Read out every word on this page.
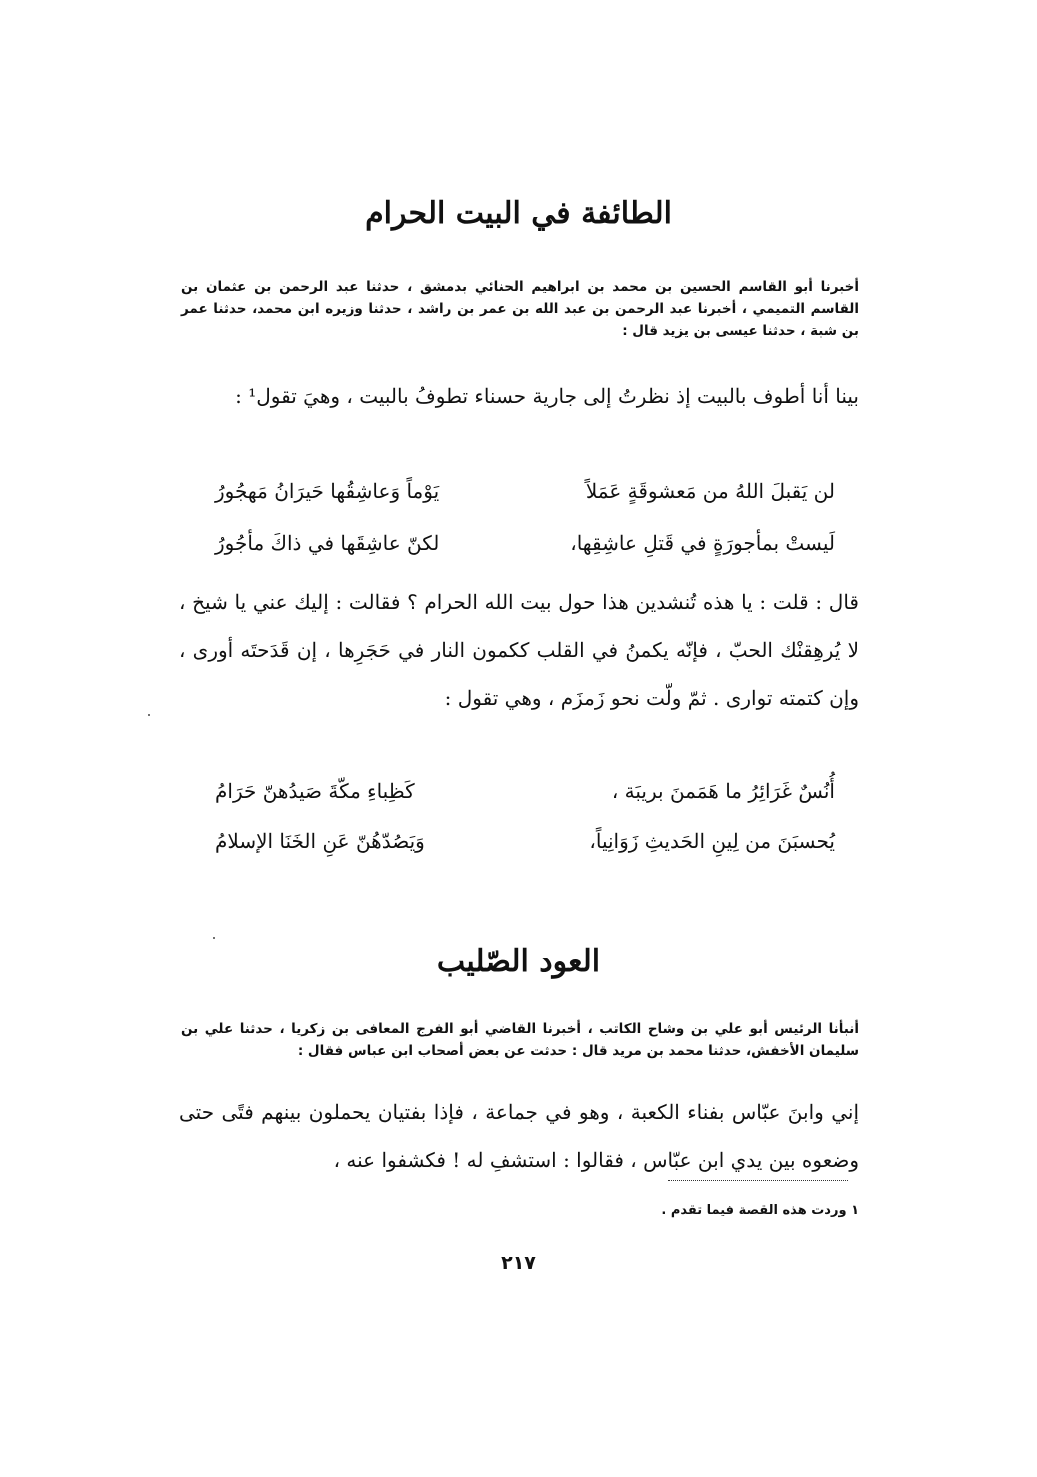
الطائفة في البيت الحرام
أخبرنا أبو القاسم الحسين بن محمد بن ابراهيم الحنائي بدمشق ، حدثنا عبد الرحمن بن عثمان بن القاسم التميمي ، أخبرنا عبد الرحمن بن عبد الله بن عمر بن راشد ، حدثنا وزيره ابن محمد، حدثنا عمر بن شبة ، حدثنا عيسى بن يزيد قال :
بينا أنا أطوف بالبيت إذ نظرتُ إلى جارية حسناء تطوفُ بالبيت ، وهيَ تقول¹ :
لن يَقبلَ اللهُ من مَعشوقَةٍ عَمَلاً
يَوْماً وَعاشِقُها حَيرَانُ مَهجُورُ
لَيستْ بمأجورَةٍ في قَتلِ عاشِقِها،
لكنّ عاشِقَها في ذاكَ مأجُورُ
قال : قلت : يا هذه تُنشدين هذا حول بيت الله الحرام ؟ فقالت : إليك عني يا شيخ ، لا يُرهِقنْك الحبّ ، فإنّه يكمنُ في القلب ككمون النار في حَجَرِها ، إن قَدَحتَه أورى ، وإن كتمته توارى . ثمّ ولّت نحو زَمزَم ، وهي تقول :
أُنُسٌ غَرَائِرُ ما هَمَمنَ بريبَة ،
كَظِباءِ مكّةَ صَيدُهنّ حَرَامُ
يُحسبَنَ من لِينِ الحَديثِ زَوَانِياً،
وَيَصُدّهُنّ عَنِ الخَنَا الإسلامُ
العود الصّليب
أنبأنا الرئيس أبو علي بن وشاح الكاتب ، أخبرنا القاضي أبو الفرج المعافى بن زكريا ، حدثنا علي بن سليمان الأخفش، حدثنا محمد بن مريد قال : حدثت عن بعض أصحاب ابن عباس فقال :
إني وابنَ عبّاس بفناء الكعبة ، وهو في جماعة ، فإذا بفتيان يحملون بينهم فتًى حتى وضعوه بين يدي ابن عبّاس ، فقالوا : استشفِ له ! فكشفوا عنه ،
١ وردت هذه القصة فيما تقدم .
٢١٧
